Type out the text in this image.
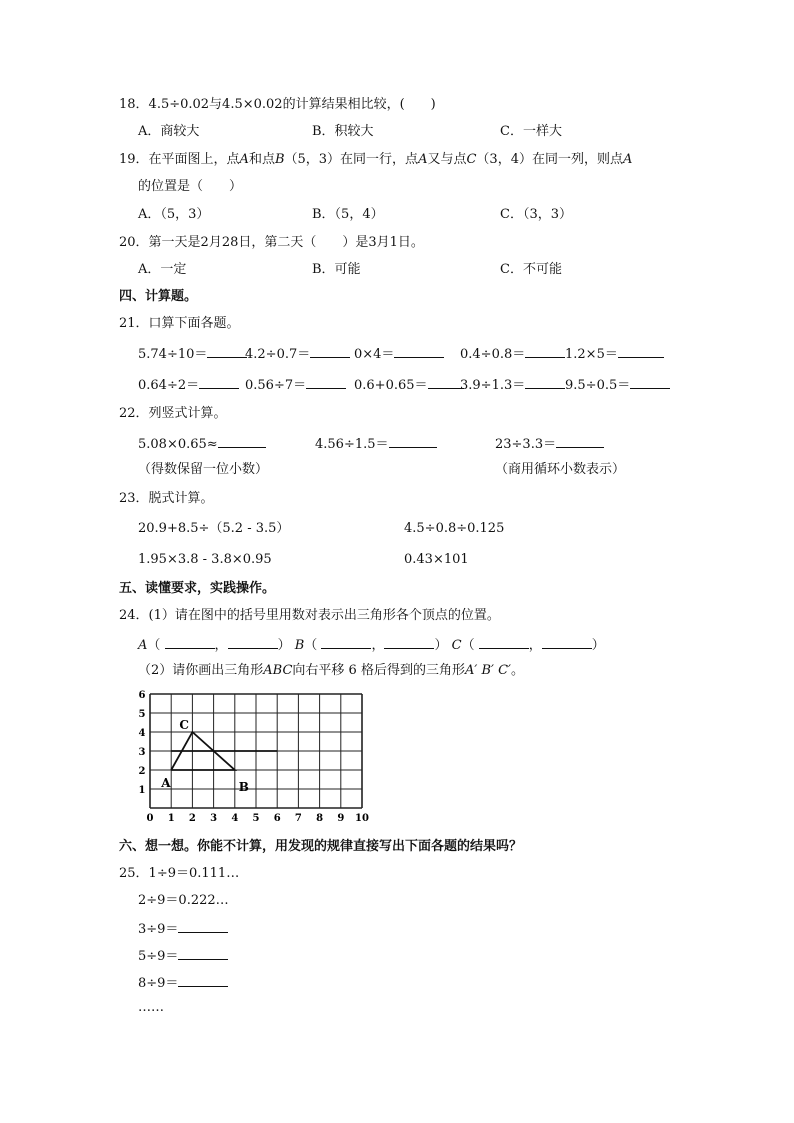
18．4.5÷0.02与4.5×0.02的计算结果相比较，(　　)
A．商较大	B．积较大	C．一样大
19．在平面图上，点A和点B（5，3）在同一行，点A又与点C（3，4）在同一列，则点A
的位置是（　　）
A．（5，3）	B．（5，4）	C．（3，3）
20．第一天是2月28日，第二天（　　）是3月1日。
A．一定	B．可能	C．不可能
四、计算题。
21．口算下面各题。
5.74÷10＝	4.2÷0.7＝	0×4＝	0.4÷0.8＝	1.2×5＝
0.64÷2＝	0.56÷7＝	0.6+0.65＝	3.9÷1.3＝	9.5÷0.5＝
22．列竖式计算。
5.08×0.65≈	4.56÷1.5＝	23÷3.3＝
（得数保留一位小数）	（商用循环小数表示）
23．脱式计算。
20.9+8.5÷（5.2 - 3.5）	4.5÷0.8÷0.125
1.95×3.8 - 3.8×0.95	0.43×101
五、读懂要求，实践操作。
24．(1）请在图中的括号里用数对表示出三角形各个顶点的位置。
A（	，	） B（	，	） C（	，	）
（2）请你画出三角形ABC向右平移 6 格后得到的三角形A′ B′ C′。
0 1 2 3 4 5 6 7 8 9 10
1
2
3
4
5
6
A	B
C
六、想一想。你能不计算，用发现的规律直接写出下面各题的结果吗？
25．1÷9＝0.111…
2÷9＝0.222…
3÷9＝
5÷9＝
8÷9＝
……
